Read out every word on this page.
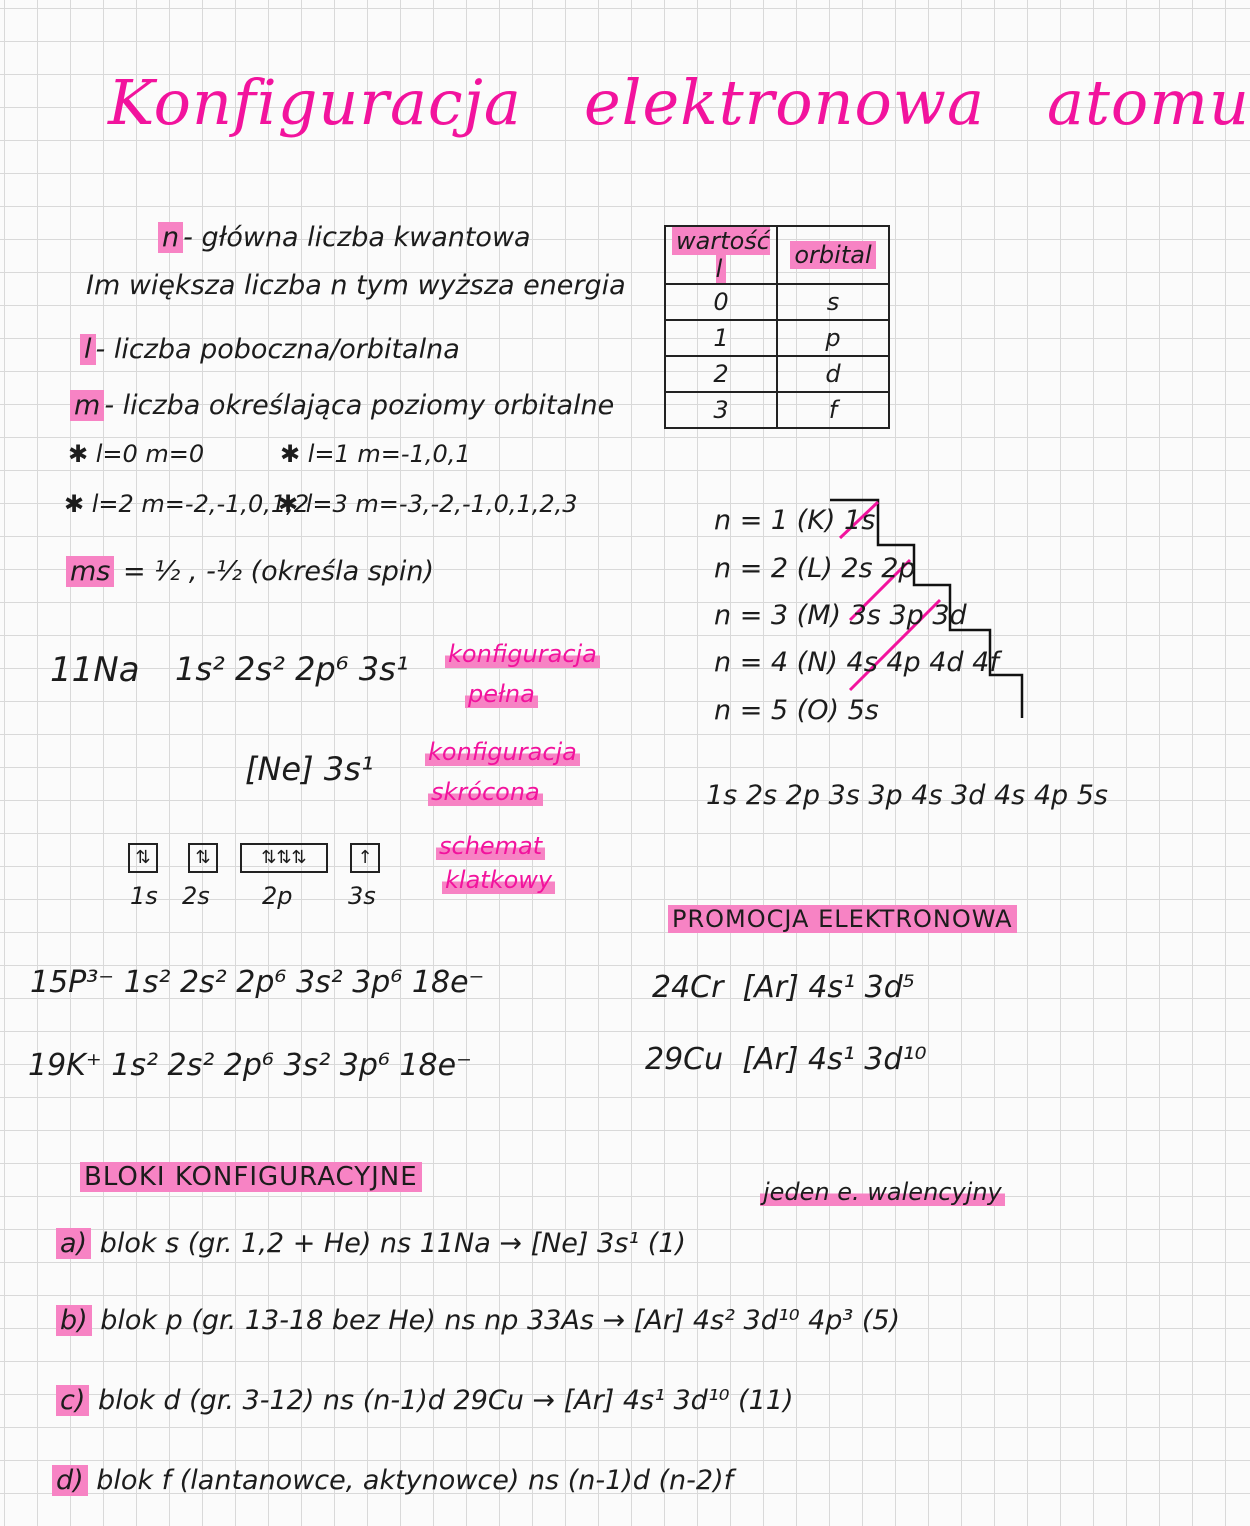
Konfiguracja elektronowa atomu
n - główna liczba kwantowa
Im większa liczba n tym wyższa energia
l - liczba poboczna/orbitalna
m - liczba określająca poziomy orbitalne
✱ l=0 m=0	✱ l=1 m=-1,0,1
✱ l=2 m=-2,-1,0,1,2
✱ l=3 m=-3,-2,-1,0,1,2,3
ms = ½ , -½ (określa spin)
wartość l	orbital
0	s
1	p
2	d
3	f
n = 1 (K) 1s
n = 2 (L) 2s 2p
n = 3 (M) 3s 3p 3d
n = 4 (N) 4s 4p 4d 4f
n = 5 (O) 5s
1s 2s 2p 3s 3p 4s 3d 4s 4p 5s
11Na 1s² 2s² 2p⁶ 3s¹ konfiguracja
pełna
[Ne] 3s¹ konfiguracja
skrócona
⇅	⇅	⇅⇅⇅	↑
1s 2s 2p 3s
schemat
klatkowy
15P³⁻ 1s² 2s² 2p⁶ 3s² 3p⁶ 18e⁻
19K⁺ 1s² 2s² 2p⁶ 3s² 3p⁶ 18e⁻
PROMOCJA ELEKTRONOWA
24Cr [Ar] 4s¹ 3d⁵
29Cu [Ar] 4s¹ 3d¹⁰
BLOKI KONFIGURACYJNE	jeden e. walencyjny
a) blok s (gr. 1,2 + He) ns 11Na → [Ne] 3s¹ (1)
b) blok p (gr. 13-18 bez He) ns np 33As → [Ar] 4s² 3d¹⁰ 4p³ (5)
c) blok d (gr. 3-12) ns (n-1)d 29Cu → [Ar] 4s¹ 3d¹⁰ (11)
d) blok f (lantanowce, aktynowce) ns (n-1)d (n-2)f
